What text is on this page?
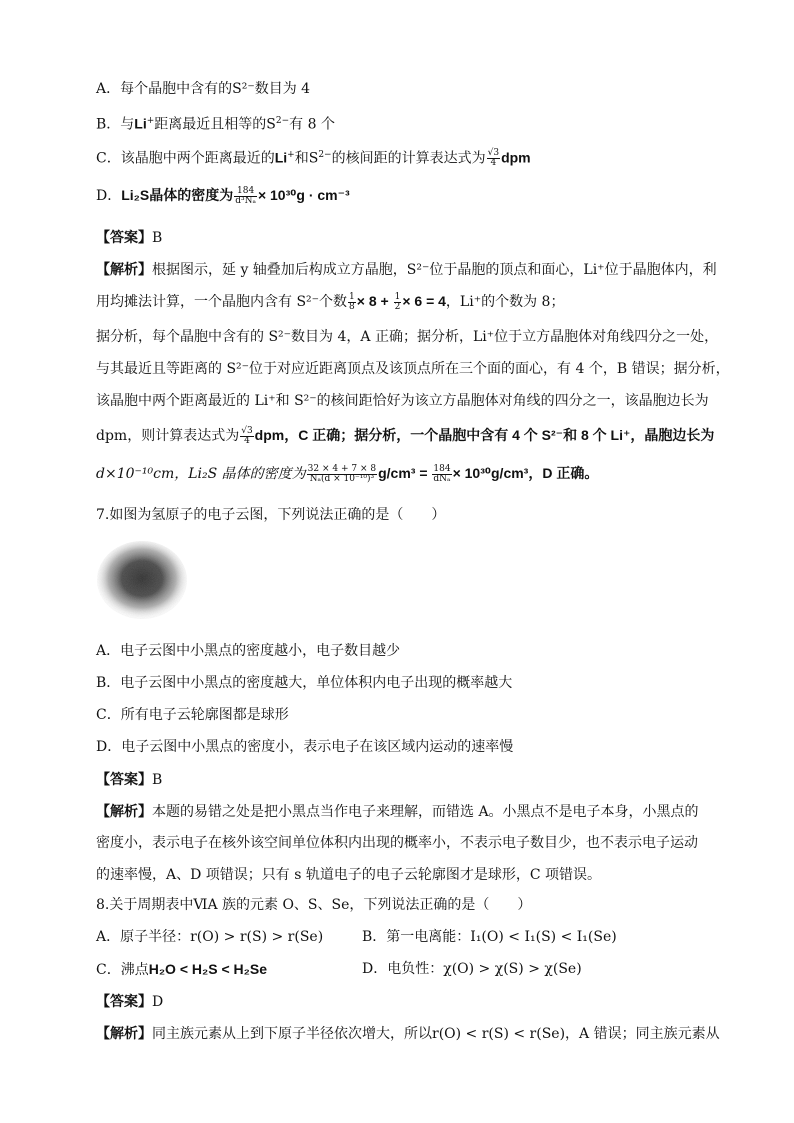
A．每个晶胞中含有的S²⁻数目为 4
B．与Li+距离最近且相等的$S^{2-}$有 8 个
C．该晶胞中两个距离最近的Li+和$S^{2-}$的核间距的计算表达式为 $\frac{√3}{4}$ dpm
D．Li₂S晶体的密度为 $\frac{184}{\text{d³Nₐ}} \times 10^{30}g \cdot cm^{-3}$
【答案】B
【解析】根据图示，延 y 轴叠加后构成立方晶胞，S²⁻位于晶胞的顶点和面心，Li⁺位于晶胞体内，利
用均摊法计算，一个晶胞内含有 S²⁻个数 $\frac{1}{8} \times 8 + \frac{1}{2} \times 6 = 4$，Li⁺的个数为 8；
据分析，每个晶胞中含有的 S²⁻数目为 4，A 正确；据分析，Li⁺位于立方晶胞体对角线四分之一处，
与其最近且等距离的 S²⁻位于对应近距离顶点及该顶点所在三个面的面心，有 4 个，B 错误；据分析，
该晶胞中两个距离最近的 Li⁺和 S²⁻的核间距恰好为该立方晶胞体对角线的四分之一，该晶胞边长为
dpm，则计算表达式为 $\frac{√3}{4}$ dpm，C 正确；据分析，一个晶胞中含有 4 个 S²⁻和 8 个 Li⁺，晶胞边长为
d×10⁻¹⁰cm，Li₂S 晶体的密度为 $\frac{32 \times 4 + 7 \times 8}{\text{Nₐ(d × 10⁻¹⁰)³}} g/cm^3 = \frac{184}{\text{dNₐ}} \times 10^{30}g/cm^3$，D 正确。
7.如图为氢原子的电子云图，下列说法正确的是（　　）
A．电子云图中小黑点的密度越小，电子数目越少
B．电子云图中小黑点的密度越大，单位体积内电子出现的概率越大
C．所有电子云轮廓图都是球形
D．电子云图中小黑点的密度小，表示电子在该区域内运动的速率慢
【答案】B
【解析】本题的易错之处是把小黑点当作电子来理解，而错选 A。小黑点不是电子本身，小黑点的
密度小，表示电子在核外该空间单位体积内出现的概率小，不表示电子数目少，也不表示电子运动
的速率慢，A、D 项错误；只有 s 轨道电子的电子云轮廓图才是球形，C 项错误。
8.关于周期表中ⅥA 族的元素 O、S、Se，下列说法正确的是（　　）
A．原子半径：r(O) > r(S) > r(Se)	B．第一电离能：I₁(O) < I₁(S) < I₁(Se)
C．沸点H₂O < H₂S < H₂Se	D．电负性：χ(O) > χ(S) > χ(Se)
【答案】D
【解析】同主族元素从上到下原子半径依次增大，所以r(O) < r(S) < r(Se)，A 错误；同主族元素从
